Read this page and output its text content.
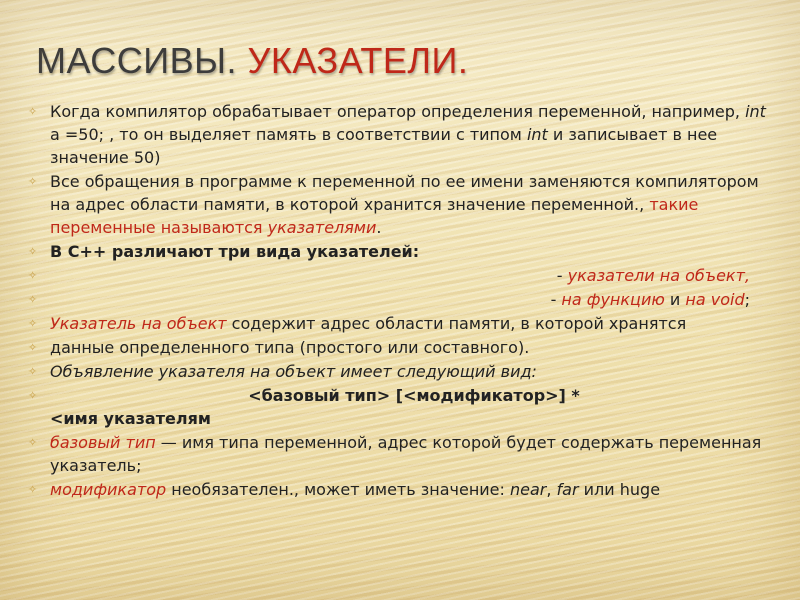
МАССИВЫ. УКАЗАТЕЛИ.
✧ Когда компилятор обрабатывает оператор определения переменной, например, int а =50; , то он выделяет память в соответствии с типом int и записывает в нее значение 50)
✧ Все обращения в программе к переменной по ее имени заменяются компилятором на адрес области памяти, в которой хранится значение переменной., такие переменные называются указателями.
✧ В С++ различают три вида указателей:
✧	- указатели на объект,
✧	- на функцию и на void;
✧ Указатель на объект содержит адрес области памяти, в которой хранятся
✧ данные определенного типа (простого или составного).
✧ Объявление указателя на объект имеет следующий вид:
✧	<базовый тип> [<модификатор>] *
<имя указателям
✧ базовый тип — имя типа переменной, адрес которой будет содержать переменная указатель;
✧ модификатор необязателен., может иметь значение: near, far или huge
